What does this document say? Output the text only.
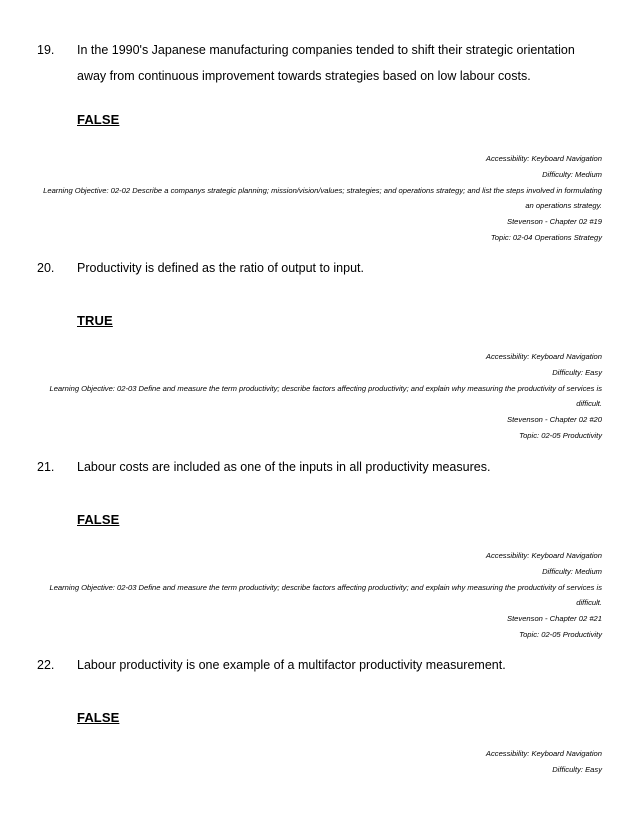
19. In the 1990's Japanese manufacturing companies tended to shift their strategic orientation away from continuous improvement towards strategies based on low labour costs.
FALSE
Accessibility: Keyboard Navigation
Difficulty: Medium
Learning Objective: 02-02 Describe a companys strategic planning; mission/vision/values; strategies; and operations strategy; and list the steps involved in formulating an operations strategy.
Stevenson - Chapter 02 #19
Topic: 02-04 Operations Strategy
20. Productivity is defined as the ratio of output to input.
TRUE
Accessibility: Keyboard Navigation
Difficulty: Easy
Learning Objective: 02-03 Define and measure the term productivity; describe factors affecting productivity; and explain why measuring the productivity of services is difficult.
Stevenson - Chapter 02 #20
Topic: 02-05 Productivity
21. Labour costs are included as one of the inputs in all productivity measures.
FALSE
Accessibility: Keyboard Navigation
Difficulty: Medium
Learning Objective: 02-03 Define and measure the term productivity; describe factors affecting productivity; and explain why measuring the productivity of services is difficult.
Stevenson - Chapter 02 #21
Topic: 02-05 Productivity
22. Labour productivity is one example of a multifactor productivity measurement.
FALSE
Accessibility: Keyboard Navigation
Difficulty: Easy
